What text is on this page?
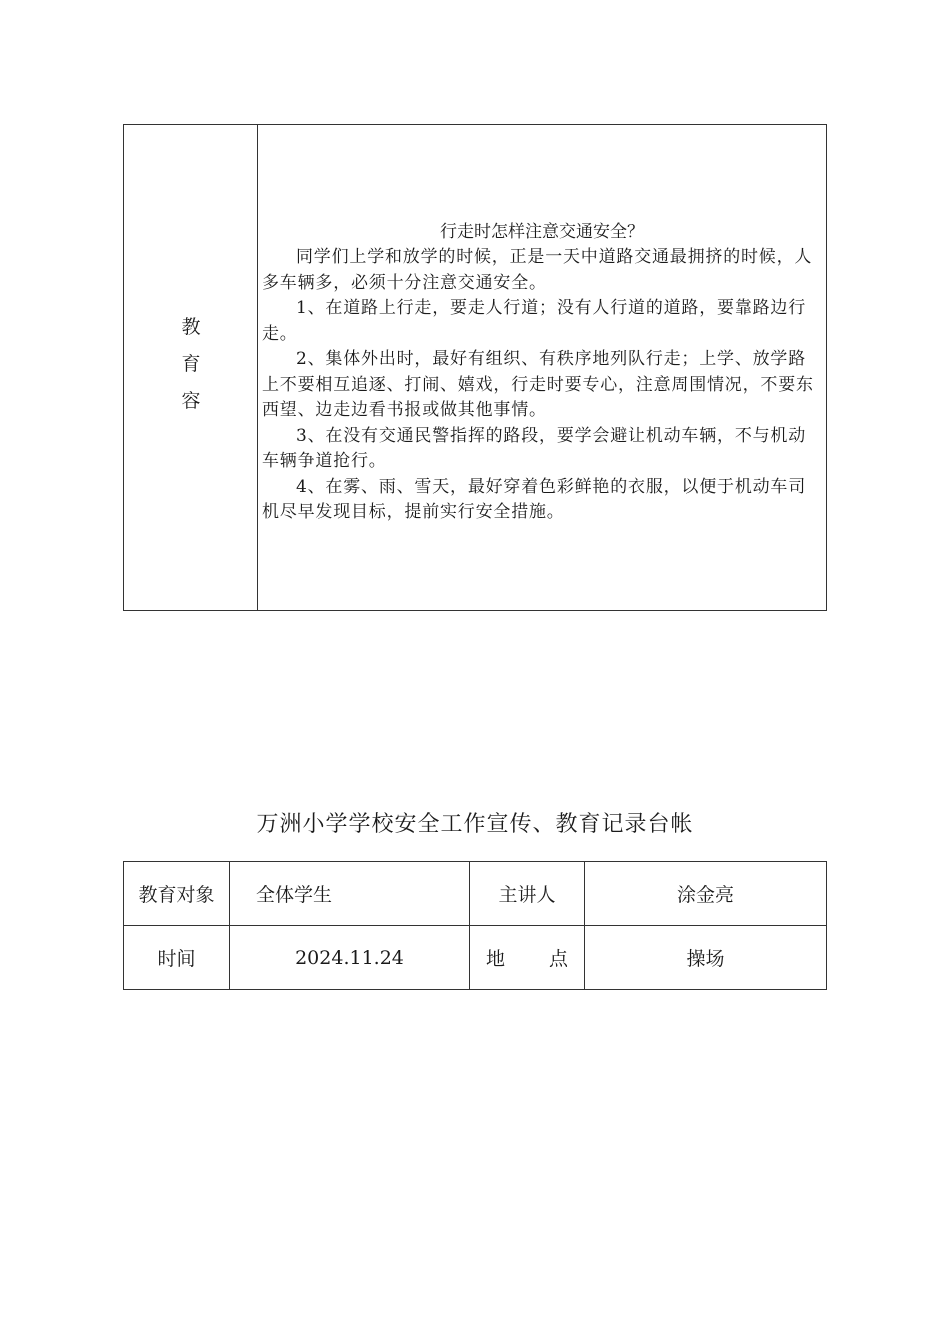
教
育
容
行走时怎样注意交通安全？

同学们上学和放学的时候，正是一天中道路交通最拥挤的时候，人多车辆多，必须十分注意交通安全。

1、在道路上行走，要走人行道；没有人行道的道路，要靠路边行走。

2、集体外出时，最好有组织、有秩序地列队行走；上学、放学路上不要相互追逐、打闹、嬉戏，行走时要专心，注意周围情况，不要东西望、边走边看书报或做其他事情。

3、在没有交通民警指挥的路段，要学会避让机动车辆，不与机动车辆争道抢行。

4、在雾、雨、雪天，最好穿着色彩鲜艳的衣服，以便于机动车司机尽早发现目标，提前实行安全措施。

万洲小学学校安全工作宣传、教育记录台帐
教育对象	全体学生	主讲人	涂金亮
时间	2024.11.24	地 点	操场
